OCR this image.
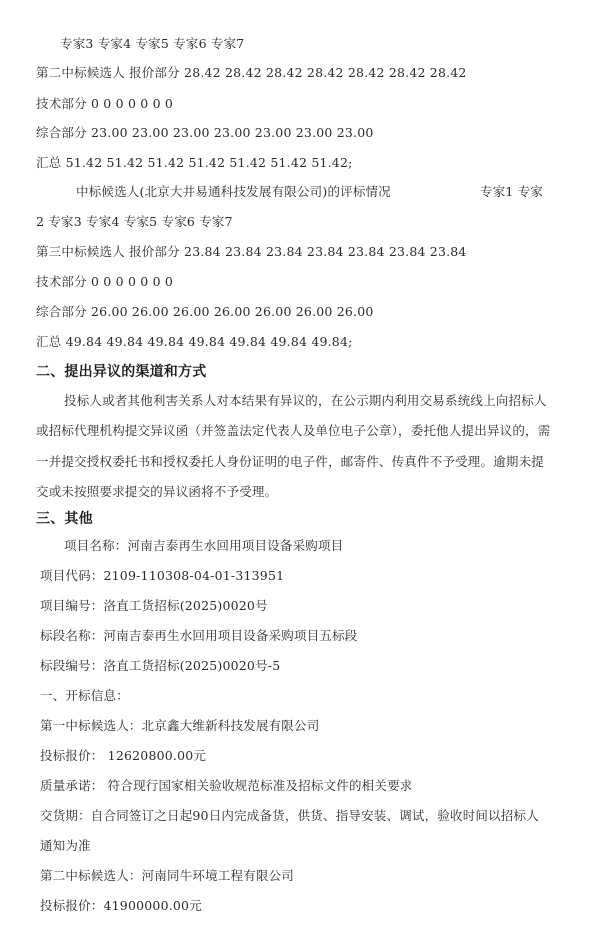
专家3 专家4 专家5 专家6 专家7
第二中标候选人 报价部分 28.42 28.42 28.42 28.42 28.42 28.42 28.42
技术部分 0 0 0 0 0 0 0
综合部分 23.00 23.00 23.00 23.00 23.00 23.00 23.00
汇总 51.42 51.42 51.42 51.42 51.42 51.42 51.42;
中标候选人(北京大井易通科技发展有限公司)的评标情况	专家1 专家
2 专家3 专家4 专家5 专家6 专家7
第三中标候选人 报价部分 23.84 23.84 23.84 23.84 23.84 23.84 23.84
技术部分 0 0 0 0 0 0 0
综合部分 26.00 26.00 26.00 26.00 26.00 26.00 26.00
汇总 49.84 49.84 49.84 49.84 49.84 49.84 49.84;
二、提出异议的渠道和方式
投标人或者其他利害关系人对本结果有异议的，在公示期内利用交易系统线上向招标人
或招标代理机构提交异议函（并签盖法定代表人及单位电子公章），委托他人提出异议的，需
一并提交授权委托书和授权委托人身份证明的电子件，邮寄件、传真件不予受理。逾期未提
交或未按照要求提交的异议函将不予受理。
三、其他
项目名称：河南吉泰再生水回用项目设备采购项目
项目代码：2109-110308-04-01-313951
项目编号：洛直工货招标(2025)0020号
标段名称：河南吉泰再生水回用项目设备采购项目五标段
标段编号：洛直工货招标(2025)0020号-5
一、开标信息：
第一中标候选人：北京鑫大维新科技发展有限公司
投标报价： 12620800.00元
质量承诺： 符合现行国家相关验收规范标准及招标文件的相关要求
交货期：自合同签订之日起90日内完成备货，供货、指导安装、调试，验收时间以招标人
通知为准
第二中标候选人：河南同牛环境工程有限公司
投标报价：41900000.00元
